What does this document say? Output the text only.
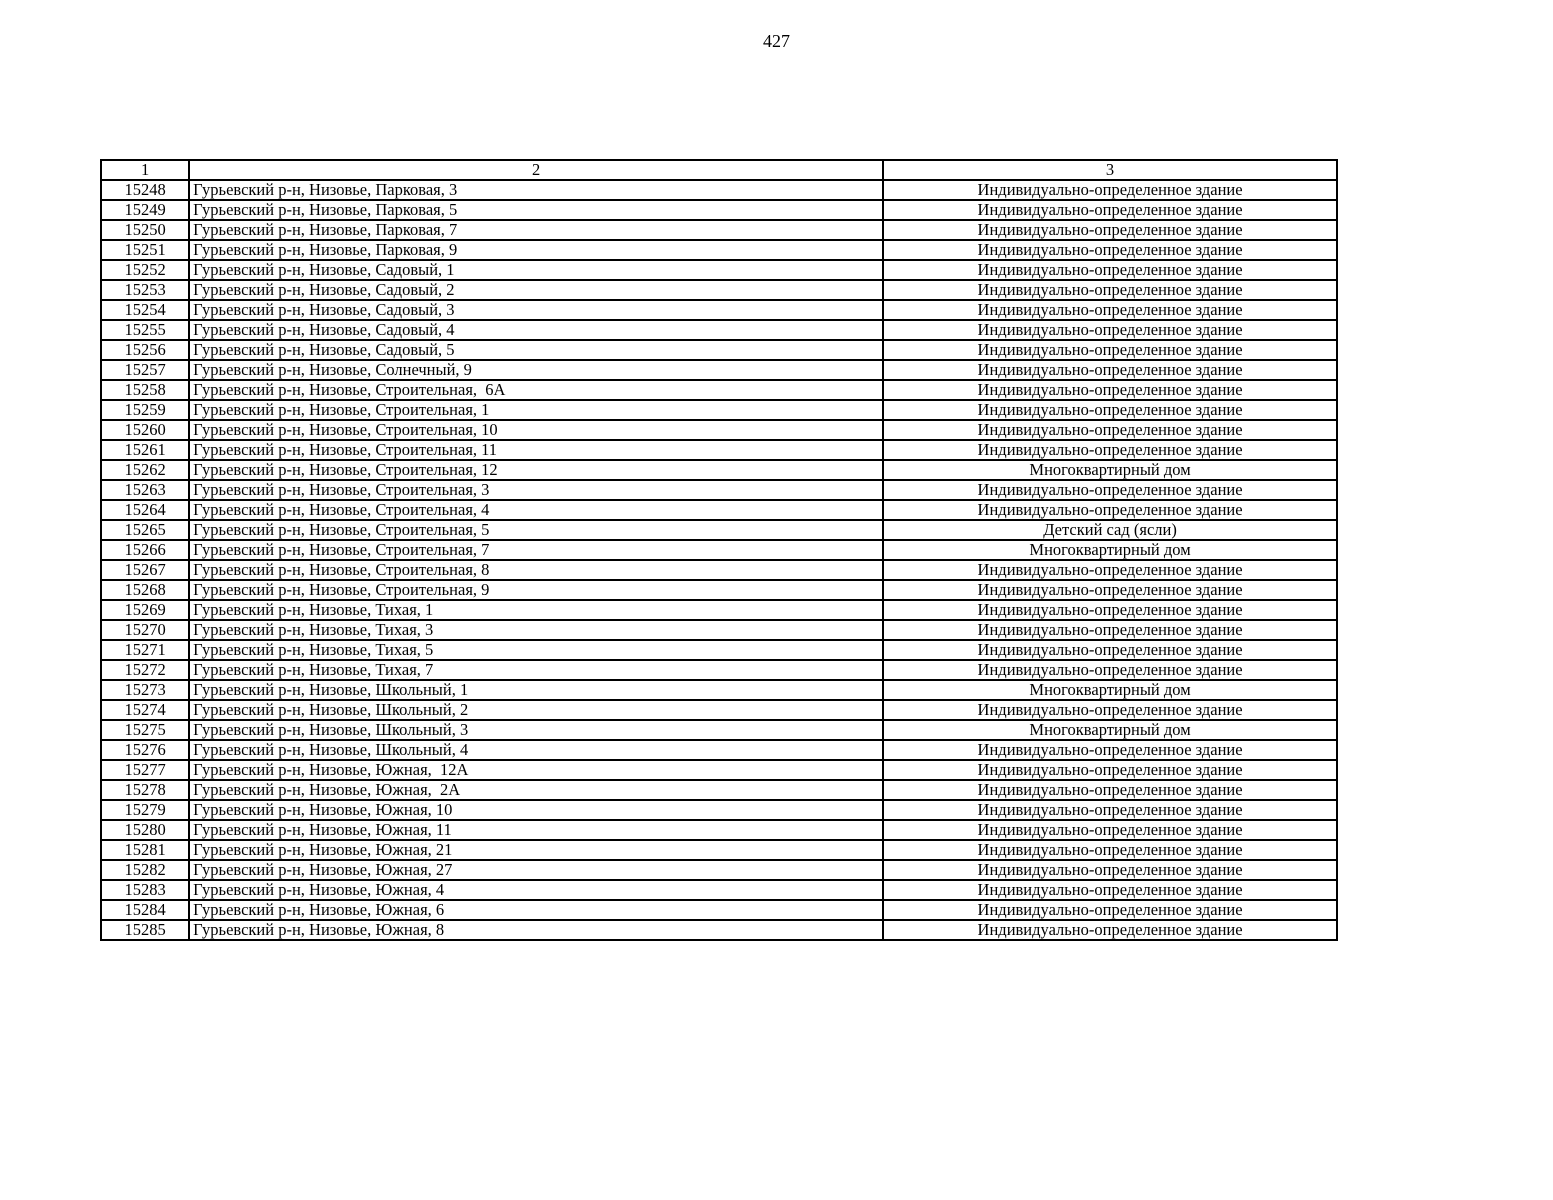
427
1	2	3
15248	Гурьевский р-н, Низовье, Парковая, 3	Индивидуально-определенное здание
15249	Гурьевский р-н, Низовье, Парковая, 5	Индивидуально-определенное здание
15250	Гурьевский р-н, Низовье, Парковая, 7	Индивидуально-определенное здание
15251	Гурьевский р-н, Низовье, Парковая, 9	Индивидуально-определенное здание
15252	Гурьевский р-н, Низовье, Садовый, 1	Индивидуально-определенное здание
15253	Гурьевский р-н, Низовье, Садовый, 2	Индивидуально-определенное здание
15254	Гурьевский р-н, Низовье, Садовый, 3	Индивидуально-определенное здание
15255	Гурьевский р-н, Низовье, Садовый, 4	Индивидуально-определенное здание
15256	Гурьевский р-н, Низовье, Садовый, 5	Индивидуально-определенное здание
15257	Гурьевский р-н, Низовье, Солнечный, 9	Индивидуально-определенное здание
15258	Гурьевский р-н, Низовье, Строительная,  6А	Индивидуально-определенное здание
15259	Гурьевский р-н, Низовье, Строительная, 1	Индивидуально-определенное здание
15260	Гурьевский р-н, Низовье, Строительная, 10	Индивидуально-определенное здание
15261	Гурьевский р-н, Низовье, Строительная, 11	Индивидуально-определенное здание
15262	Гурьевский р-н, Низовье, Строительная, 12	Многоквартирный дом
15263	Гурьевский р-н, Низовье, Строительная, 3	Индивидуально-определенное здание
15264	Гурьевский р-н, Низовье, Строительная, 4	Индивидуально-определенное здание
15265	Гурьевский р-н, Низовье, Строительная, 5	Детский сад (ясли)
15266	Гурьевский р-н, Низовье, Строительная, 7	Многоквартирный дом
15267	Гурьевский р-н, Низовье, Строительная, 8	Индивидуально-определенное здание
15268	Гурьевский р-н, Низовье, Строительная, 9	Индивидуально-определенное здание
15269	Гурьевский р-н, Низовье, Тихая, 1	Индивидуально-определенное здание
15270	Гурьевский р-н, Низовье, Тихая, 3	Индивидуально-определенное здание
15271	Гурьевский р-н, Низовье, Тихая, 5	Индивидуально-определенное здание
15272	Гурьевский р-н, Низовье, Тихая, 7	Индивидуально-определенное здание
15273	Гурьевский р-н, Низовье, Школьный, 1	Многоквартирный дом
15274	Гурьевский р-н, Низовье, Школьный, 2	Индивидуально-определенное здание
15275	Гурьевский р-н, Низовье, Школьный, 3	Многоквартирный дом
15276	Гурьевский р-н, Низовье, Школьный, 4	Индивидуально-определенное здание
15277	Гурьевский р-н, Низовье, Южная,  12А	Индивидуально-определенное здание
15278	Гурьевский р-н, Низовье, Южная,  2А	Индивидуально-определенное здание
15279	Гурьевский р-н, Низовье, Южная, 10	Индивидуально-определенное здание
15280	Гурьевский р-н, Низовье, Южная, 11	Индивидуально-определенное здание
15281	Гурьевский р-н, Низовье, Южная, 21	Индивидуально-определенное здание
15282	Гурьевский р-н, Низовье, Южная, 27	Индивидуально-определенное здание
15283	Гурьевский р-н, Низовье, Южная, 4	Индивидуально-определенное здание
15284	Гурьевский р-н, Низовье, Южная, 6	Индивидуально-определенное здание
15285	Гурьевский р-н, Низовье, Южная, 8	Индивидуально-определенное здание
